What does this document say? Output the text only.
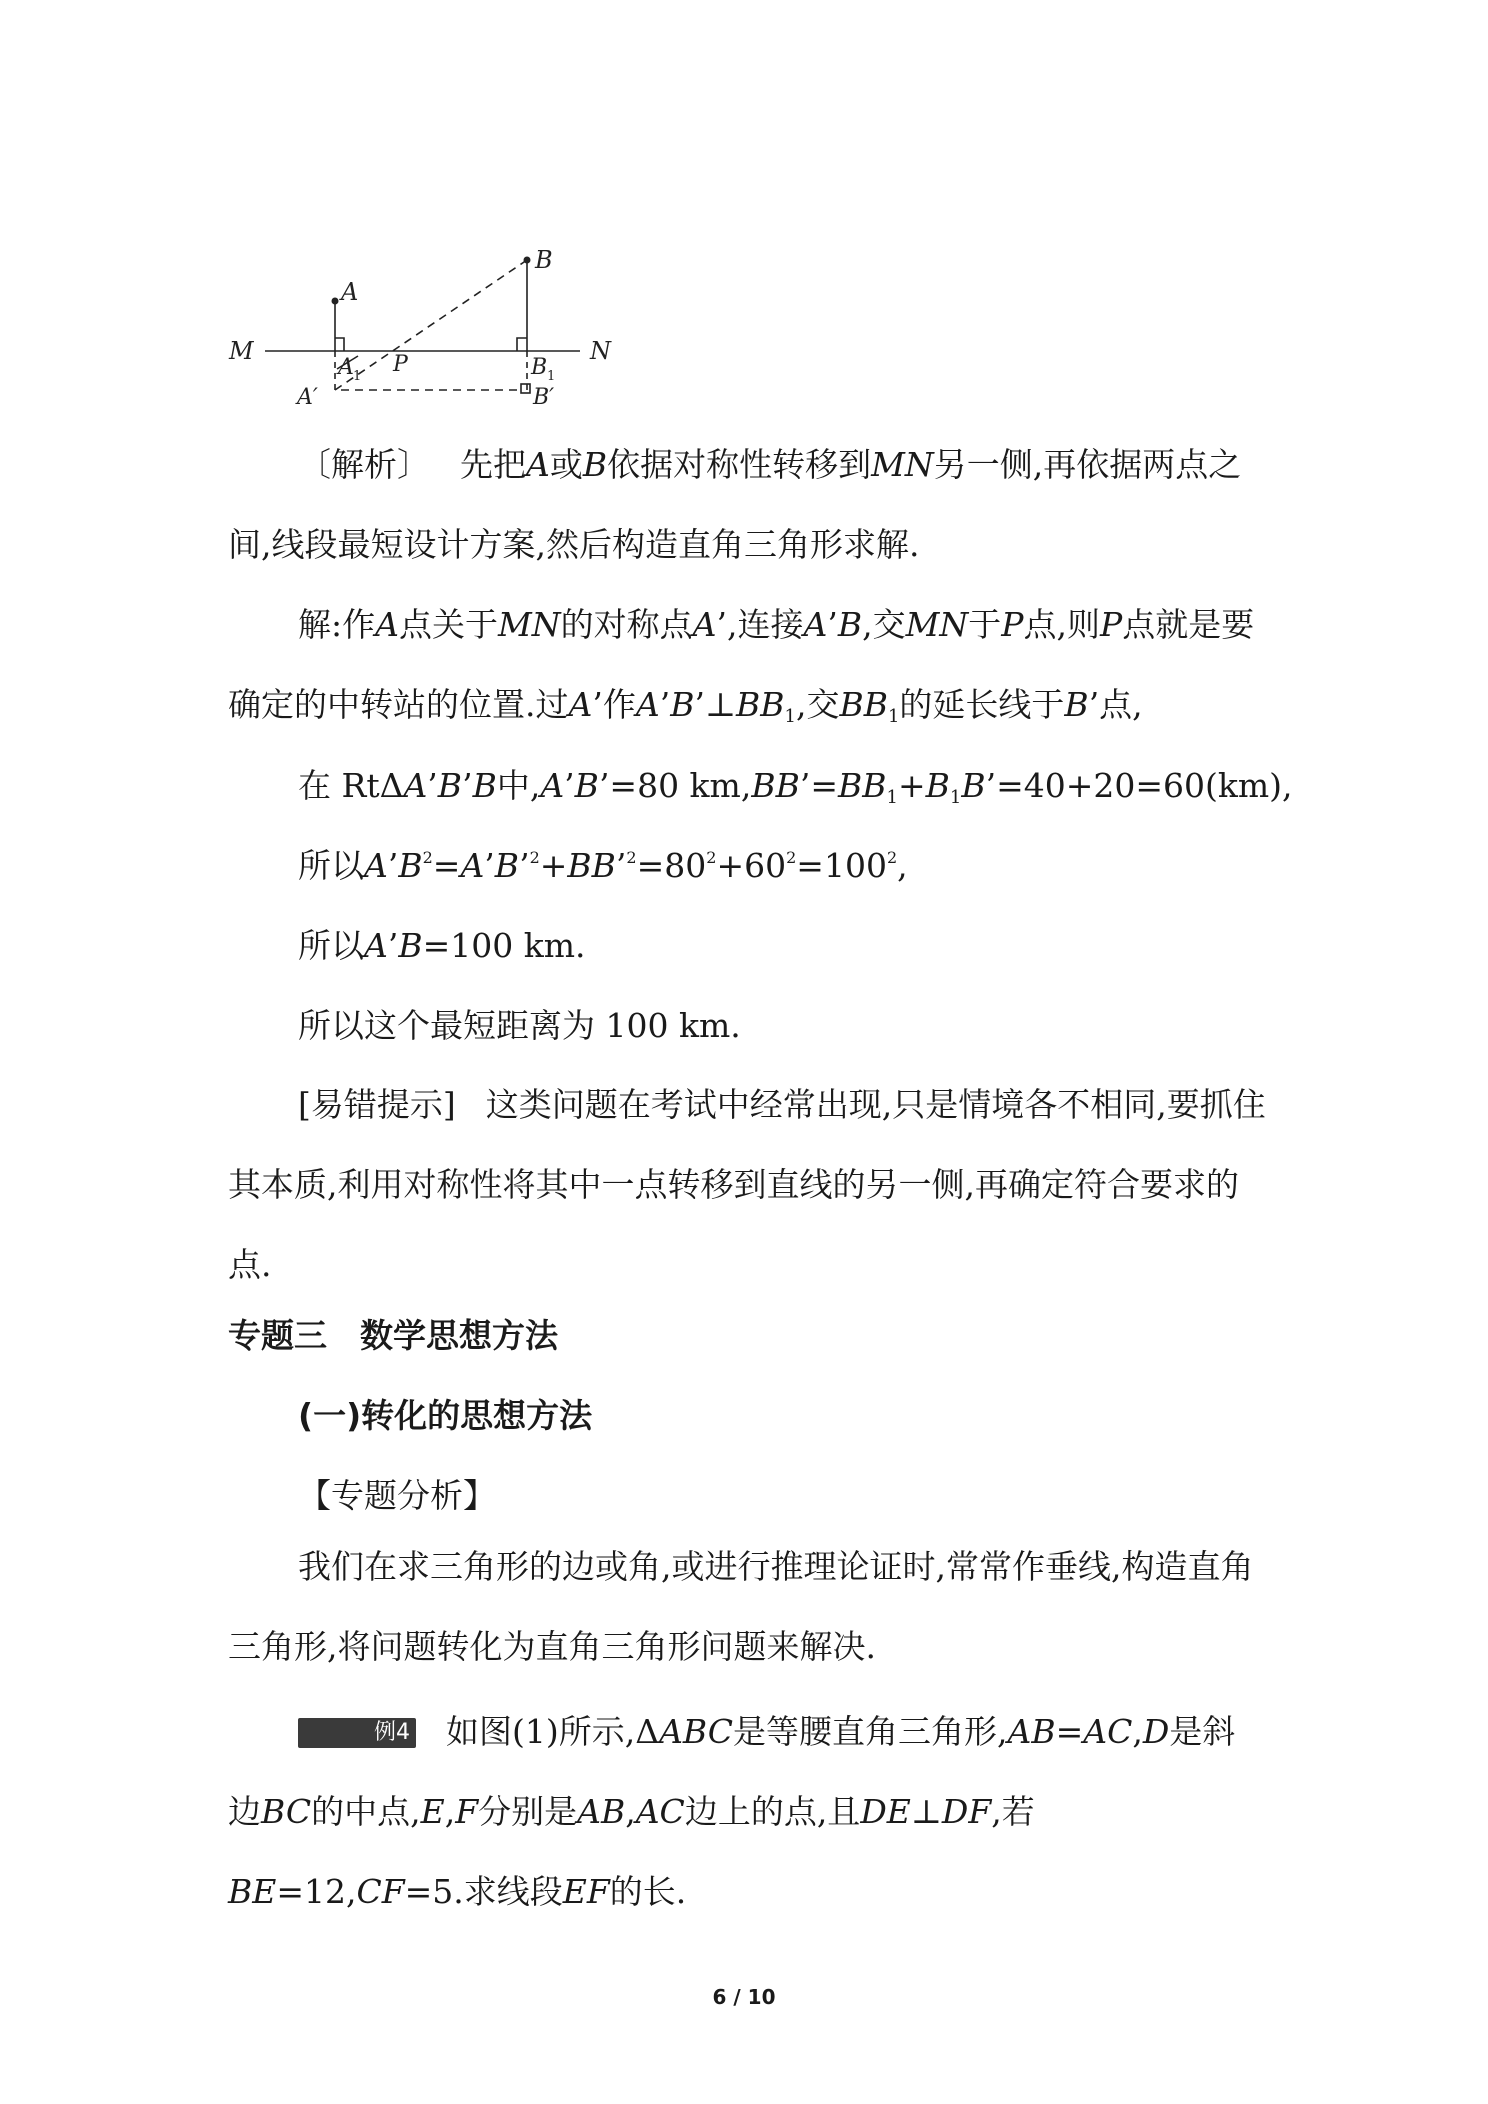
M	N
A
B
A 1 P	B 1
A′	B′

〔解析〕 先把A或B依据对称性转移到MN另一侧,再依据两点之间,线段最短设计方案,然后构造直角三角形求解.

解:作A点关于MN的对称点A’,连接A’B,交MN于P点,则P点就是要确定的中转站的位置.过A’作$A’B’\perp BB_1$,交$BB_1$的延长线于B’点,

在 RtΔA’B’B中,A’B’=80 $km,BB’=BB_1+B_1B’=40+20=60(km)$,
所以$A’B^2=A’B’^2+BB’^2=80^2+60^2=100^2$,
所以A’B=100 km.
所以这个最短距离为 100 km.

[易错提示] 这类问题在考试中经常出现,只是情境各不相同,要抓住其本质,利用对称性将其中一点转移到直线的另一侧,再确定符合要求的点.

专题三　数学思想方法
(一)转化的思想方法
【专题分析】

我们在求三角形的边或角,或进行推理论证时,常常作垂线,构造直角三角形,将问题转化为直角三角形问题来解决.

例4 如图(1)所示,ΔABC是等腰直角三角形,AB=AC,D是斜边BC的中点,E,F分别是AB,AC边上的点,且DE⊥DF,若BE=12,CF=5.求线段EF的长.

6 / 10
